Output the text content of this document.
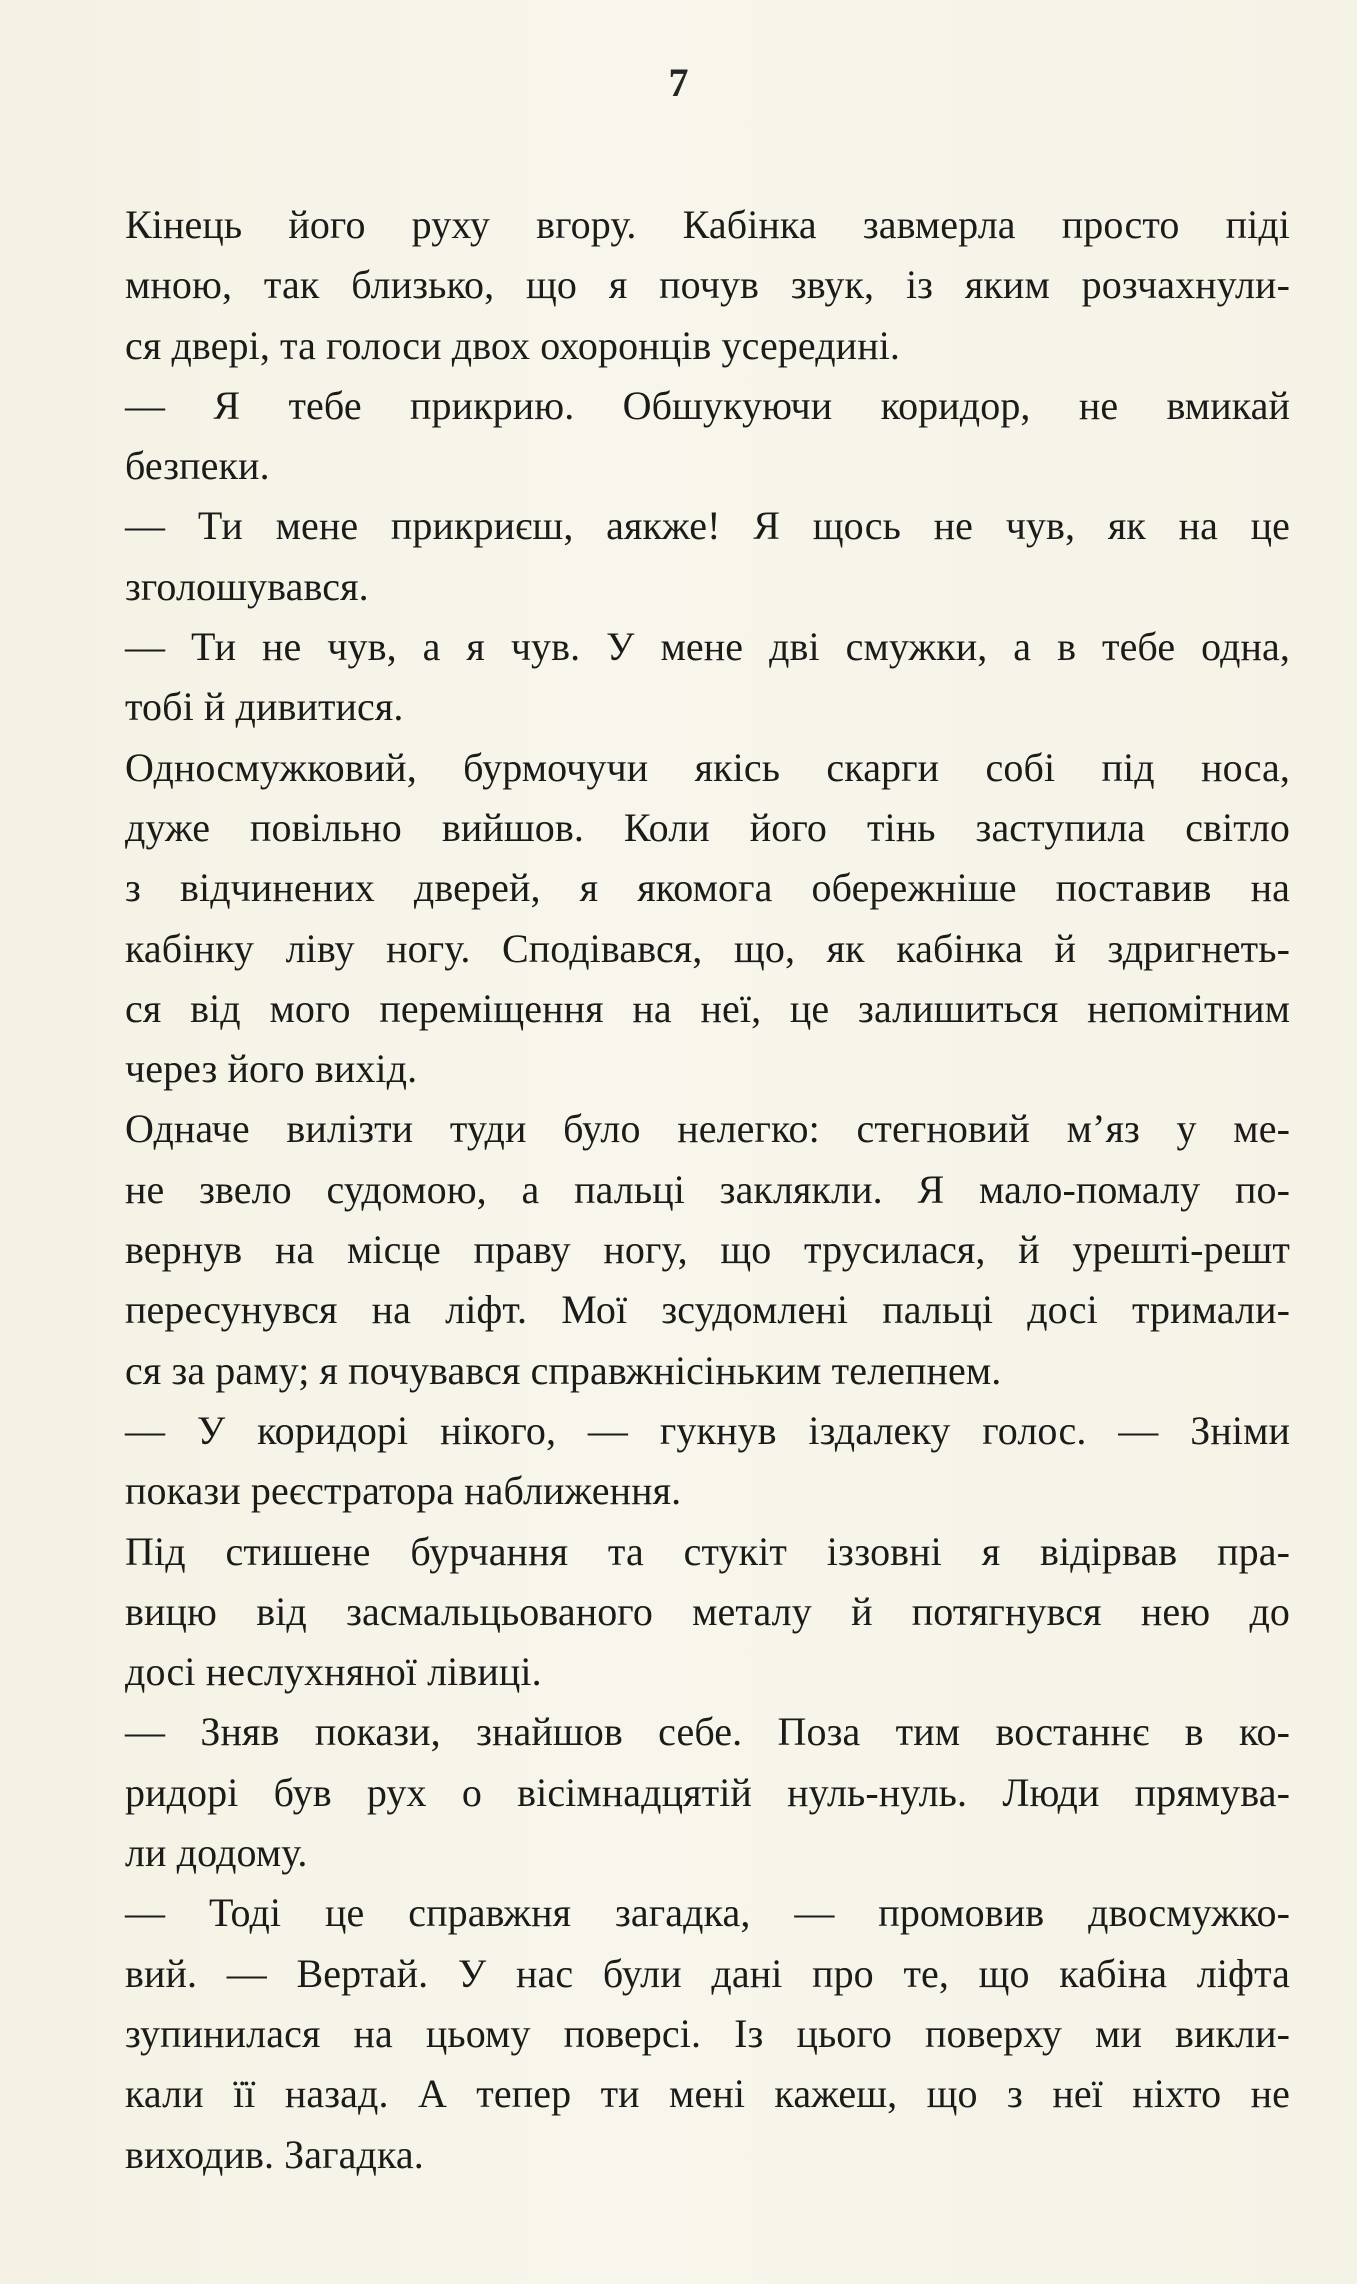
7
Кінець його руху вгору. Кабінка завмерла просто піді
мною, так близько, що я почув звук, із яким розчахнули-
ся двері, та голоси двох охоронців усередині.
— Я тебе прикрию. Обшукуючи коридор, не вмикай
безпеки.
— Ти мене прикриєш, аякже! Я щось не чув, як на це
зголошувався.
— Ти не чув, а я чув. У мене дві смужки, а в тебе одна,
тобі й дивитися.
Односмужковий, бурмочучи якісь скарги собі під носа,
дуже повільно вийшов. Коли його тінь заступила світло
з відчинених дверей, я якомога обережніше поставив на
кабінку ліву ногу. Сподівався, що, як кабінка й здригнеть-
ся від мого переміщення на неї, це залишиться непомітним
через його вихід.
Одначе вилізти туди було нелегко: стегновий м’яз у ме-
не звело судомою, а пальці заклякли. Я мало-помалу по-
вернув на місце праву ногу, що трусилася, й урешті-решт
пересунувся на ліфт. Мої зсудомлені пальці досі тримали-
ся за раму; я почувався справжнісіньким телепнем.
— У коридорі нікого, — гукнув іздалеку голос. — Зніми
покази реєстратора наближення.
Під стишене бурчання та стукіт іззовні я відірвав пра-
вицю від засмальцьованого металу й потягнувся нею до
досі неслухняної лівиці.
— Зняв покази, знайшов себе. Поза тим востаннє в ко-
ридорі був рух о вісімнадцятій нуль-нуль. Люди прямува-
ли додому.
— Тоді це справжня загадка, — промовив двосмужко-
вий. — Вертай. У нас були дані про те, що кабіна ліфта
зупинилася на цьому поверсі. Із цього поверху ми викли-
кали її назад. А тепер ти мені кажеш, що з неї ніхто не
виходив. Загадка.
